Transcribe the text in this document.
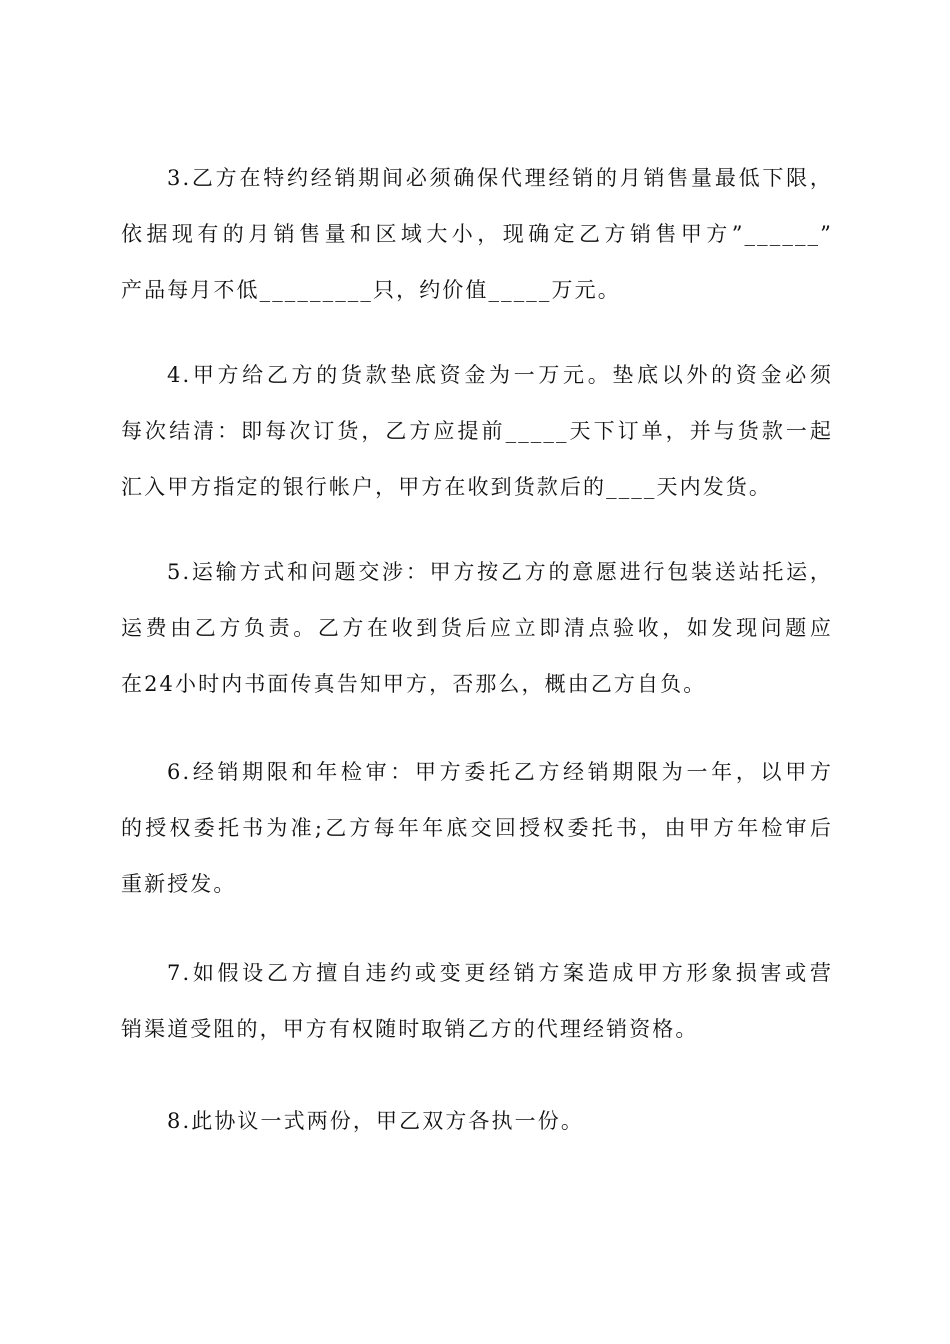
3.乙方在特约经销期间必须确保代理经销的月销售量最低下限，
依据现有的月销售量和区域大小，现确定乙方销售甲方”______”
产品每月不低_________只，约价值_____万元。
4.甲方给乙方的货款垫底资金为一万元。垫底以外的资金必须
每次结清：即每次订货，乙方应提前_____天下订单，并与货款一起
汇入甲方指定的银行帐户，甲方在收到货款后的____天内发货。
5.运输方式和问题交涉：甲方按乙方的意愿进行包装送站托运，
运费由乙方负责。乙方在收到货后应立即清点验收，如发现问题应
在24小时内书面传真告知甲方，否那么，概由乙方自负。
6.经销期限和年检审：甲方委托乙方经销期限为一年，以甲方
的授权委托书为准;乙方每年年底交回授权委托书，由甲方年检审后
重新授发。
7.如假设乙方擅自违约或变更经销方案造成甲方形象损害或营
销渠道受阻的，甲方有权随时取销乙方的代理经销资格。
8.此协议一式两份，甲乙双方各执一份。
